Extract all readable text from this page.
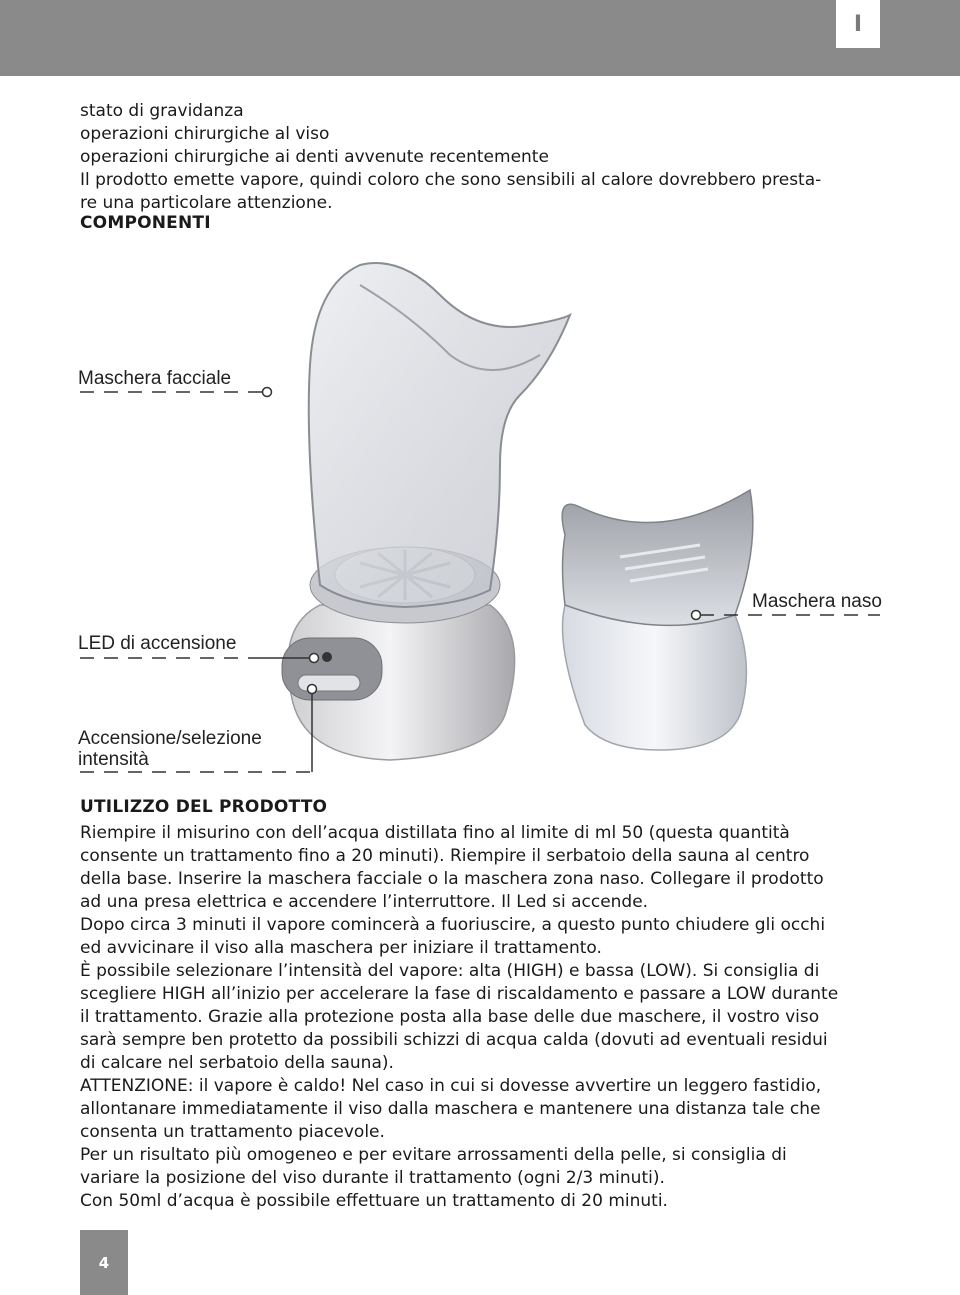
I

stato di gravidanza

operazioni chirurgiche al viso

operazioni chirurgiche ai denti avvenute recentemente

Il prodotto emette vapore, quindi coloro che sono sensibili al calore dovrebbero presta-

re una particolare attenzione.

COMPONENTI
Maschera facciale
Maschera naso
LED di accensione
Accensione/selezione
intensità
UTILIZZO DEL PRODOTTO

Riempire il misurino con dell’acqua distillata fino al limite di ml 50 (questa quantità

consente un trattamento fino a 20 minuti). Riempire il serbatoio della sauna al centro

della base. Inserire la maschera facciale o la maschera zona naso. Collegare il prodotto

ad una presa elettrica e accendere l’interruttore. Il Led si accende.

Dopo circa 3 minuti il vapore comincerà a fuoriuscire, a questo punto chiudere gli occhi

ed avvicinare il viso alla maschera per iniziare il trattamento.

È possibile selezionare l’intensità del vapore: alta (HIGH) e bassa (LOW). Si consiglia di

scegliere HIGH all’inizio per accelerare la fase di riscaldamento e passare a LOW durante

il trattamento. Grazie alla protezione posta alla base delle due maschere, il vostro viso

sarà sempre ben protetto da possibili schizzi di acqua calda (dovuti ad eventuali residui

di calcare nel serbatoio della sauna).

ATTENZIONE: il vapore è caldo! Nel caso in cui si dovesse avvertire un leggero fastidio,

allontanare immediatamente il viso dalla maschera e mantenere una distanza tale che

consenta un trattamento piacevole.

Per un risultato più omogeneo e per evitare arrossamenti della pelle, si consiglia di

variare la posizione del viso durante il trattamento (ogni 2/3 minuti).

Con 50ml d’acqua è possibile effettuare un trattamento di 20 minuti.

4
